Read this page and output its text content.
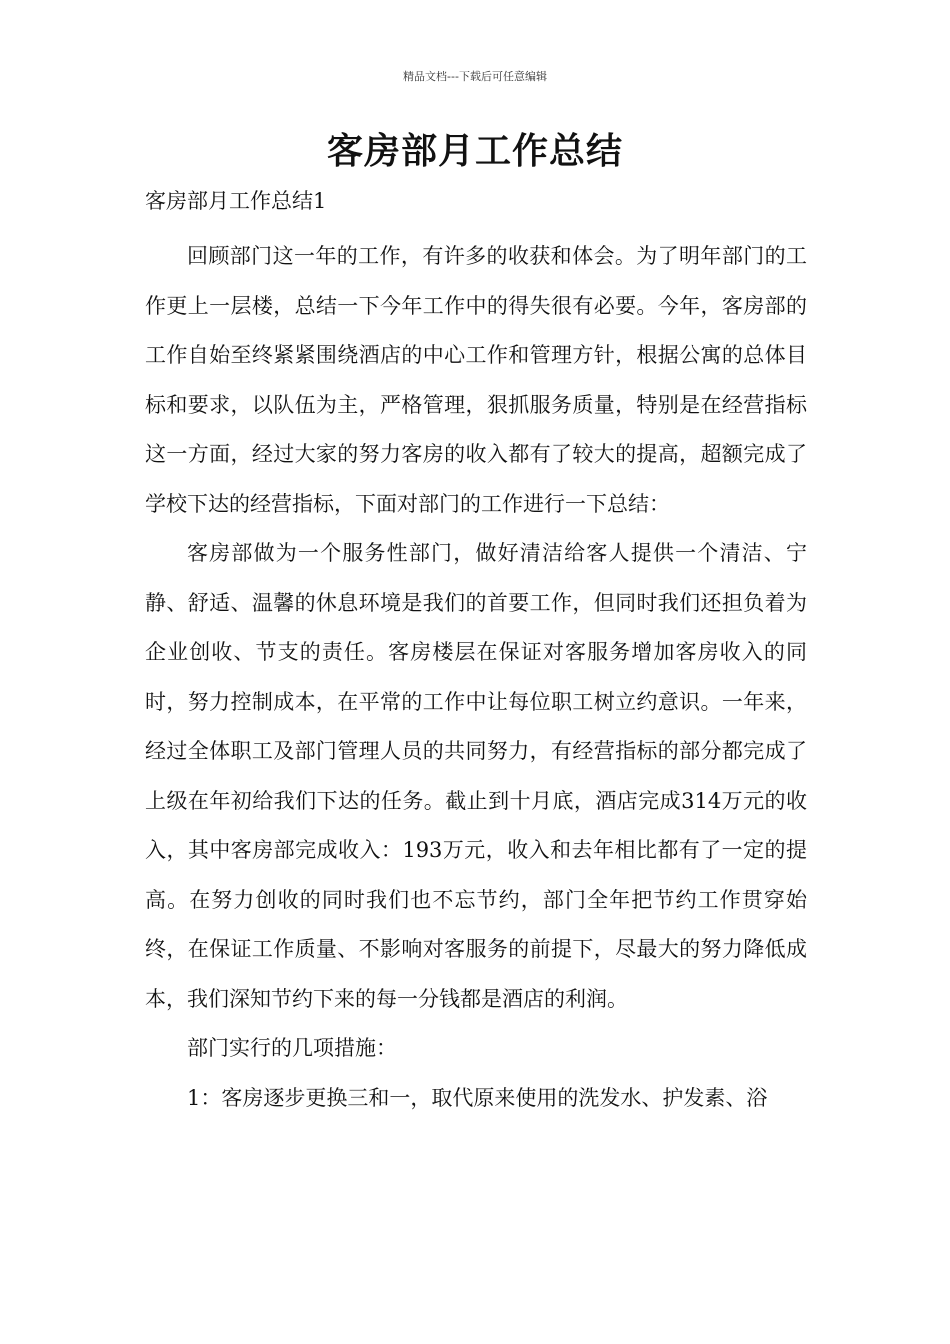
精品文档---下载后可任意编辑
客房部月工作总结

客房部月工作总结1

回顾部门这一年的工作，有许多的收获和体会。为了明年部门的工作更上一层楼，总结一下今年工作中的得失很有必要。今年，客房部的工作自始至终紧紧围绕酒店的中心工作和管理方针，根据公寓的总体目标和要求，以队伍为主，严格管理，狠抓服务质量，特别是在经营指标这一方面，经过大家的努力客房的收入都有了较大的提高，超额完成了学校下达的经营指标，下面对部门的工作进行一下总结：

客房部做为一个服务性部门，做好清洁给客人提供一个清洁、宁静、舒适、温馨的休息环境是我们的首要工作，但同时我们还担负着为企业创收、节支的责任。客房楼层在保证对客服务增加客房收入的同时，努力控制成本，在平常的工作中让每位职工树立约意识。一年来，经过全体职工及部门管理人员的共同努力，有经营指标的部分都完成了上级在年初给我们下达的任务。截止到十月底，酒店完成314万元的收入，其中客房部完成收入：193万元，收入和去年相比都有了一定的提高。在努力创收的同时我们也不忘节约，部门全年把节约工作贯穿始终，在保证工作质量、不影响对客服务的前提下，尽最大的努力降低成本，我们深知节约下来的每一分钱都是酒店的利润。

部门实行的几项措施：

1：客房逐步更换三和一，取代原来使用的洗发水、护发素、浴
